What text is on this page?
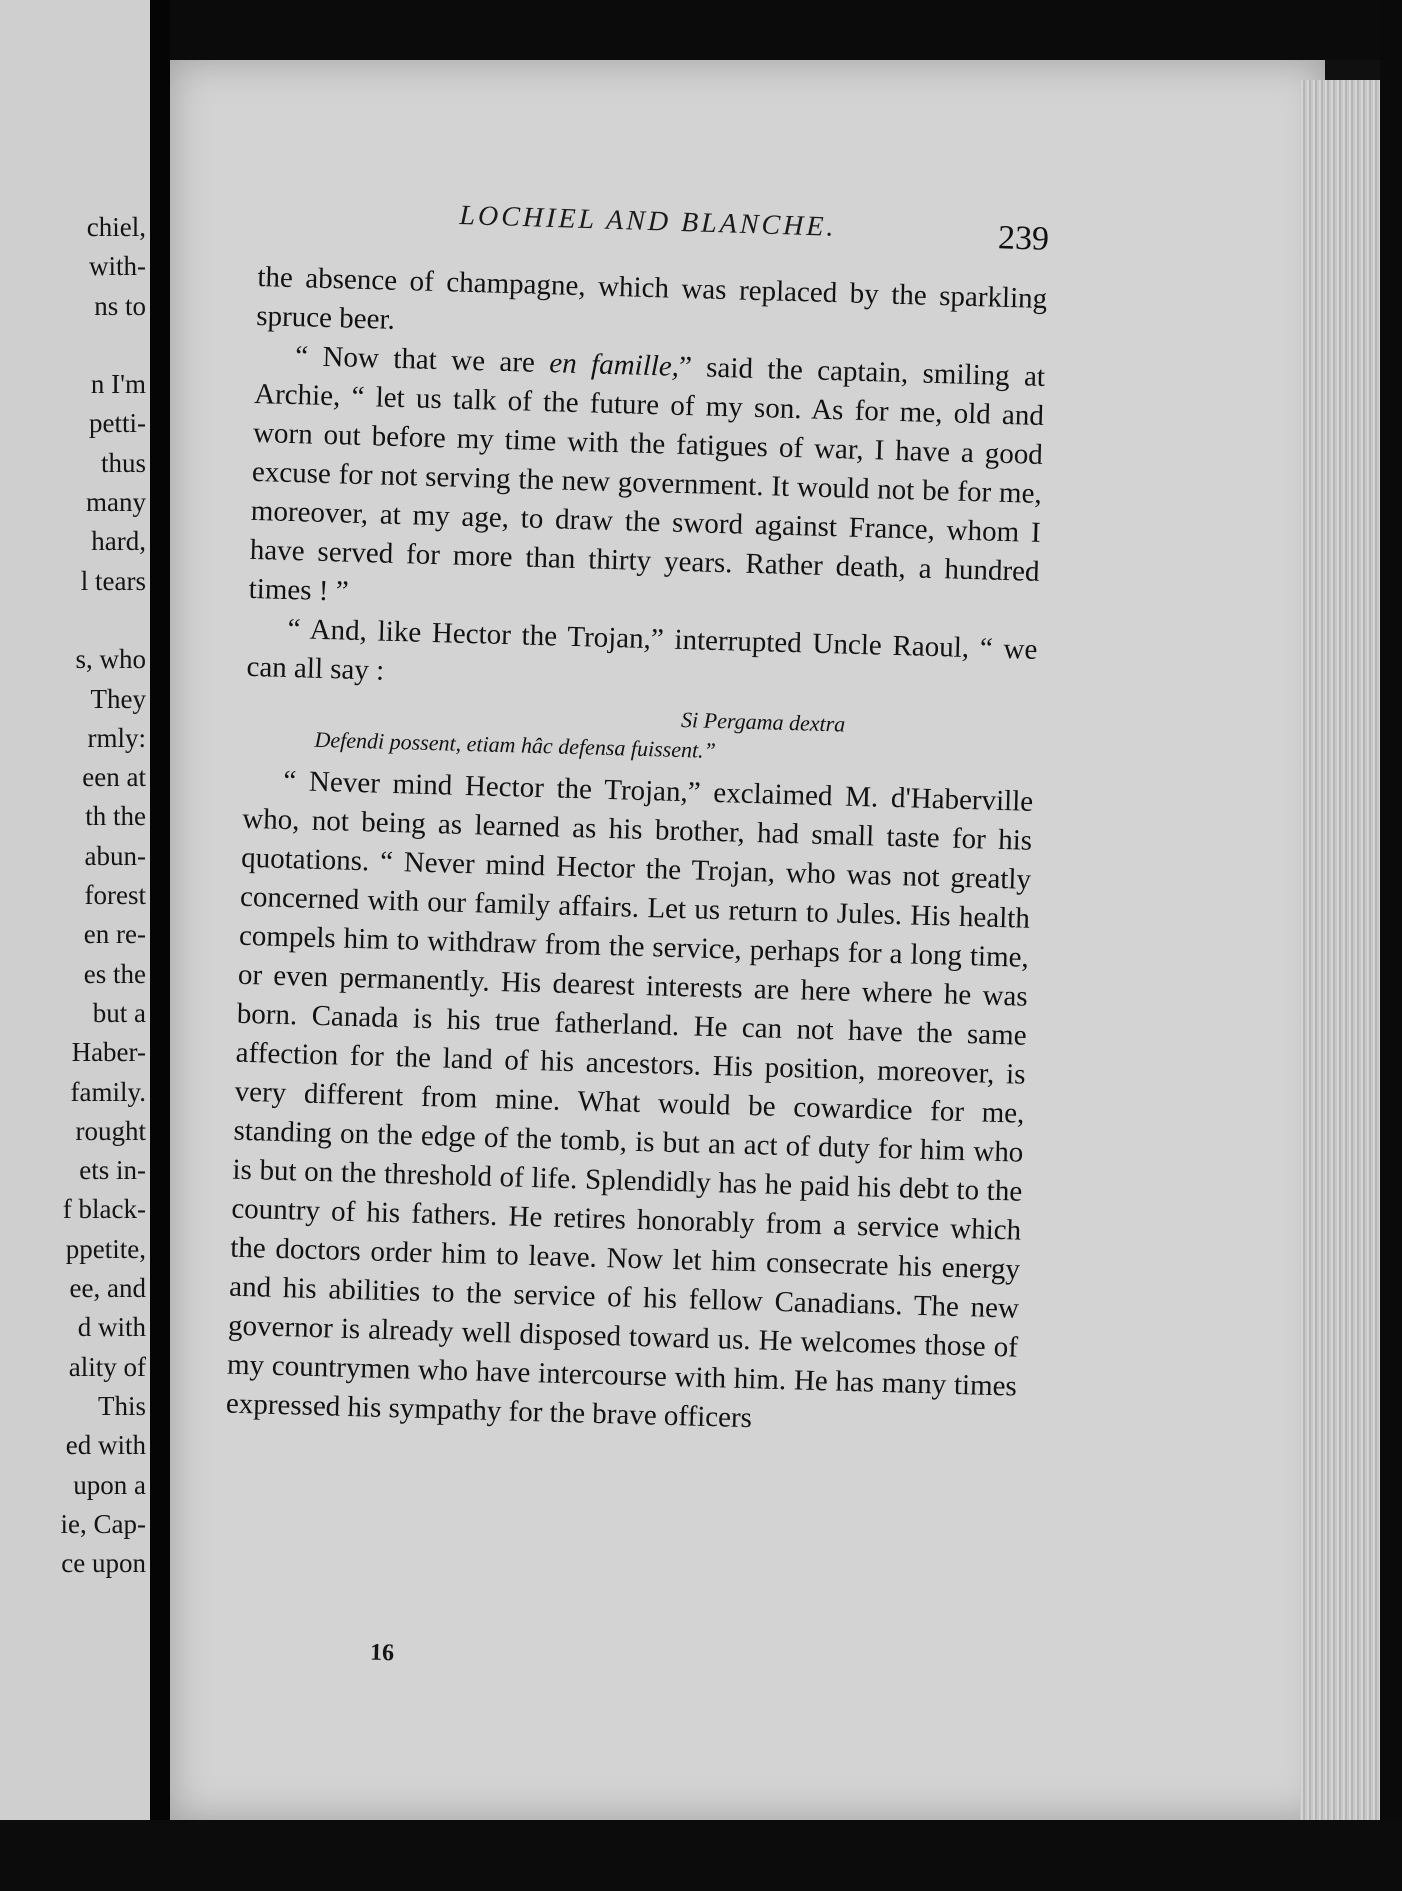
chiel,
with-
ns to
n I'm
petti-
thus
many
hard,
l tears
s, who
They
rmly:
een at
th the
abun-
forest
en re-
es the
but a
Haber-
family.
rought
ets in-
f black-
ppetite,
ee, and
d with
ality of
This
ed with
upon a
ie, Cap-
ce upon
LOCHIEL AND BLANCHE.	239

the absence of champagne, which was replaced by the sparkling spruce beer.

“ Now that we are en famille,” said the captain, smiling at Archie, “ let us talk of the future of my son. As for me, old and worn out before my time with the fatigues of war, I have a good excuse for not serving the new government. It would not be for me, moreover, at my age, to draw the sword against France, whom I have served for more than thirty years. Rather death, a hundred times ! ”

“ And, like Hector the Trojan,” interrupted Uncle Raoul, “ we can all say :

Si Pergama dextra
Defendi possent, etiam hâc defensa fuissent.”

“ Never mind Hector the Trojan,” exclaimed M. d'Haberville who, not being as learned as his brother, had small taste for his quotations. “ Never mind Hector the Trojan, who was not greatly concerned with our family affairs. Let us return to Jules. His health compels him to withdraw from the service, perhaps for a long time, or even permanently. His dearest interests are here where he was born. Canada is his true fatherland. He can not have the same affection for the land of his ancestors. His position, moreover, is very different from mine. What would be cowardice for me, standing on the edge of the tomb, is but an act of duty for him who is but on the threshold of life. Splendidly has he paid his debt to the country of his fathers. He retires honorably from a service which the doctors order him to leave. Now let him consecrate his energy and his abilities to the service of his fellow Canadians. The new governor is already well disposed toward us. He welcomes those of my countrymen who have intercourse with him. He has many times expressed his sympathy for the brave officers

16
